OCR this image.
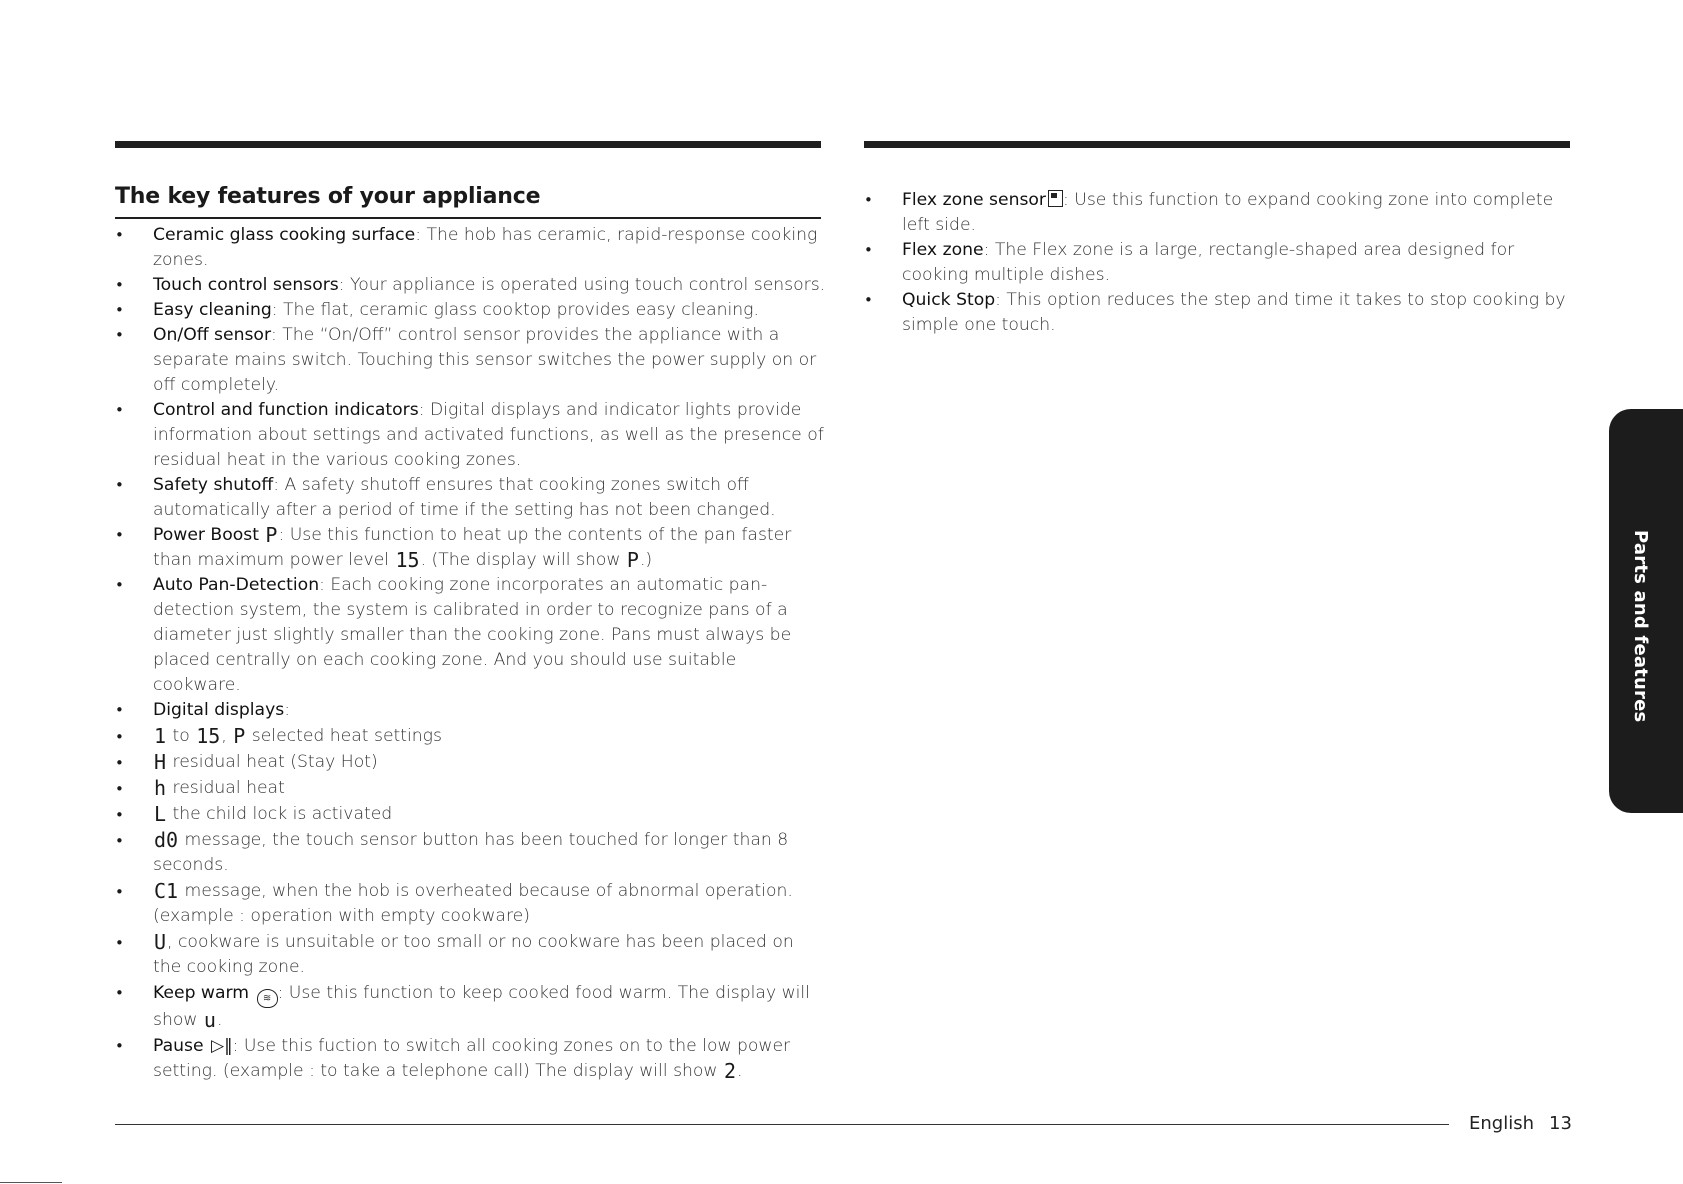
The key features of your appliance
• Ceramic glass cooking surface: The hob has ceramic, rapid-response cooking zones.
• Touch control sensors: Your appliance is operated using touch control sensors.
• Easy cleaning: The flat, ceramic glass cooktop provides easy cleaning.
• On/Off sensor: The “On/Off” control sensor provides the appliance with a separate mains switch. Touching this sensor switches the power supply on or off completely.
• Control and function indicators: Digital displays and indicator lights provide information about settings and activated functions, as well as the presence of residual heat in the various cooking zones.
• Safety shutoff: A safety shutoff ensures that cooking zones switch off automatically after a period of time if the setting has not been changed.
• Power Boost P: Use this function to heat up the contents of the pan faster than maximum power level 15. (The display will show P.)
• Auto Pan-Detection: Each cooking zone incorporates an automatic pan-detection system, the system is calibrated in order to recognize pans of a diameter just slightly smaller than the cooking zone. Pans must always be placed centrally on each cooking zone. And you should use suitable cookware.
• Digital displays:
• 1 to 15, P selected heat settings
• H residual heat (Stay Hot)
• h residual heat
• L the child lock is activated
• d0 message, the touch sensor button has been touched for longer than 8 seconds.
• C1 message, when the hob is overheated because of abnormal operation. (example : operation with empty cookware)
• U, cookware is unsuitable or too small or no cookware has been placed on the cooking zone.
• Keep warm ≋ : Use this function to keep cooked food warm. The display will show u.
• Pause ▷‖: Use this fuction to switch all cooking zones on to the low power setting. (example : to take a telephone call) The display will show 2.
• Flex zone sensor : Use this function to expand cooking zone into complete left side.
• Flex zone: The Flex zone is a large, rectangle-shaped area designed for cooking multiple dishes.
• Quick Stop: This option reduces the step and time it takes to stop cooking by simple one touch.
Parts and features
English 13
